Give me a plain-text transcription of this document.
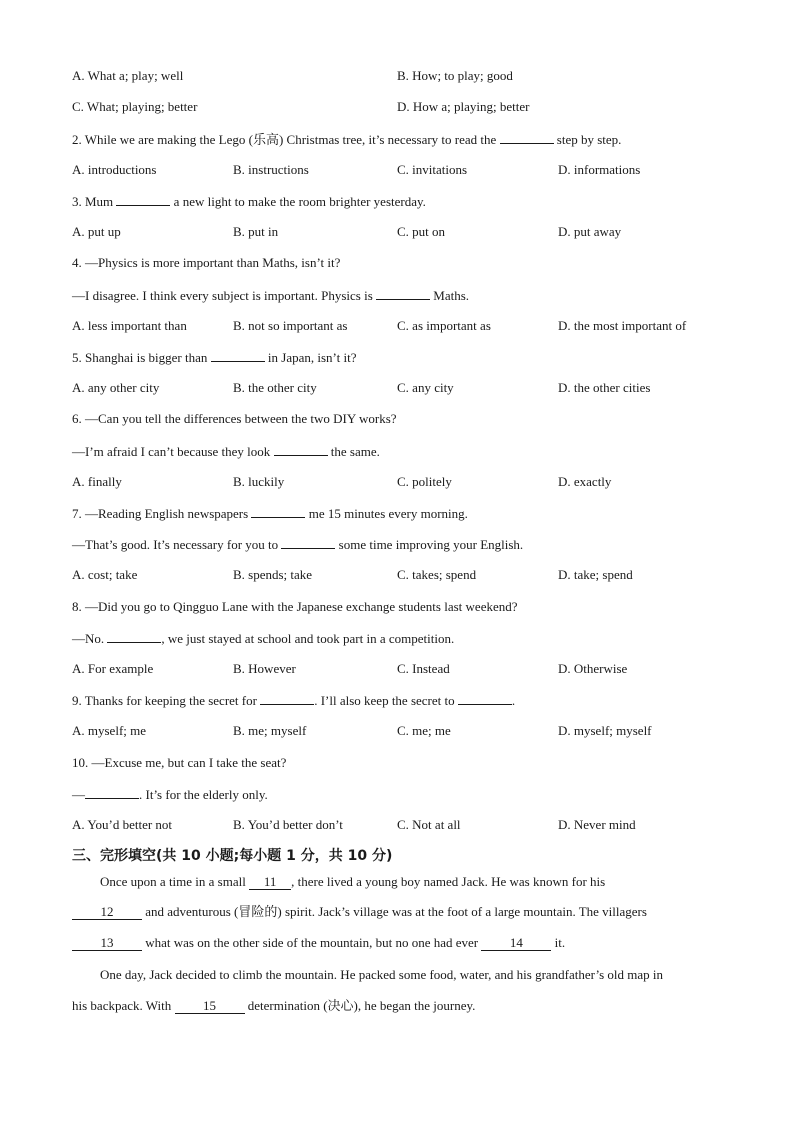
A. What a; play; well	B. How; to play; good
C. What; playing; better	D. How a; playing; better
2. While we are making the Lego (乐高) Christmas tree, it’s necessary to read the	step by step.
A. introductions	B. instructions	C. invitations	D. informations
3. Mum	a new light to make the room brighter yesterday.
A. put up	B. put in	C. put on	D. put away
4. —Physics is more important than Maths, isn’t it?
—I disagree. I think every subject is important. Physics is	Maths.
A. less important than	B. not so important as	C. as important as	D. the most important of
5. Shanghai is bigger than	in Japan, isn’t it?
A. any other city	B. the other city	C. any city	D. the other cities
6. —Can you tell the differences between the two DIY works?
—I’m afraid I can’t because they look	the same.
A. finally	B. luckily	C. politely	D. exactly
7. —Reading English newspapers	me 15 minutes every morning.
—That’s good. It’s necessary for you to	some time improving your English.
A. cost; take	B. spends; take	C. takes; spend	D. take; spend
8. —Did you go to Qingguo Lane with the Japanese exchange students last weekend?
—No.	, we just stayed at school and took part in a competition.
A. For example	B. However	C. Instead	D. Otherwise
9. Thanks for keeping the secret for	. I’ll also keep the secret to	.
A. myself; me	B. me; myself	C. me; me	D. myself; myself
10. —Excuse me, but can I take the seat?
—	. It’s for the elderly only.
A. You’d better not	B. You’d better don’t	C. Not at all	D. Never mind
三、完形填空(共 10 小题;每小题 1 分，共 10 分)
Once upon a time in a small 11 , there lived a young boy named Jack. He was known for his
12 and adventurous (冒险的) spirit. Jack’s village was at the foot of a large mountain. The villagers
13 what was on the other side of the mountain, but no one had ever 14 it.
One day, Jack decided to climb the mountain. He packed some food, water, and his grandfather’s old map in
his backpack. With 15 determination (决心), he began the journey.
